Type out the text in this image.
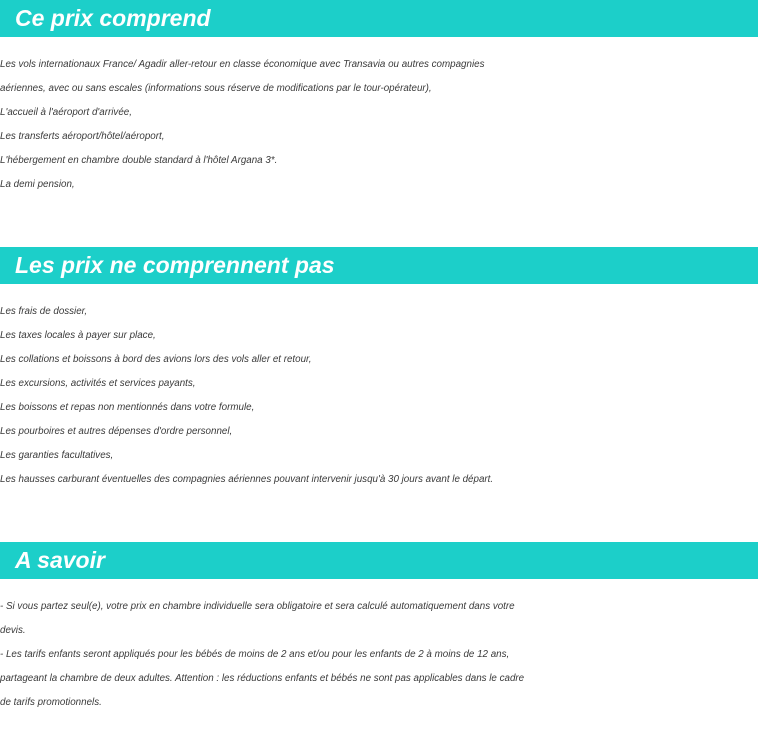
Ce prix comprend
Les vols internationaux France/ Agadir aller-retour en classe économique avec Transavia ou autres compagnies
aériennes, avec ou sans escales (informations sous réserve de modifications par le tour-opérateur),
L'accueil à l'aéroport d'arrivée,
Les transferts aéroport/hôtel/aéroport,
L'hébergement en chambre double standard à l'hôtel Argana 3*.
La demi pension,
Les prix ne comprennent pas
Les frais de dossier,
Les taxes locales à payer sur place,
Les collations et boissons à bord des avions lors des vols aller et retour,
Les excursions, activités et services payants,
Les boissons et repas non mentionnés dans votre formule,
Les pourboires et autres dépenses d'ordre personnel,
Les garanties facultatives,
Les hausses carburant éventuelles des compagnies aériennes pouvant intervenir jusqu'à 30 jours avant le départ.
A savoir
- Si vous partez seul(e), votre prix en chambre individuelle sera obligatoire et sera calculé automatiquement dans votre
devis.
- Les tarifs enfants seront appliqués pour les bébés de moins de 2 ans et/ou pour les enfants de 2 à moins de 12 ans,
partageant la chambre de deux adultes. Attention : les réductions enfants et bébés ne sont pas applicables dans le cadre
de tarifs promotionnels.
